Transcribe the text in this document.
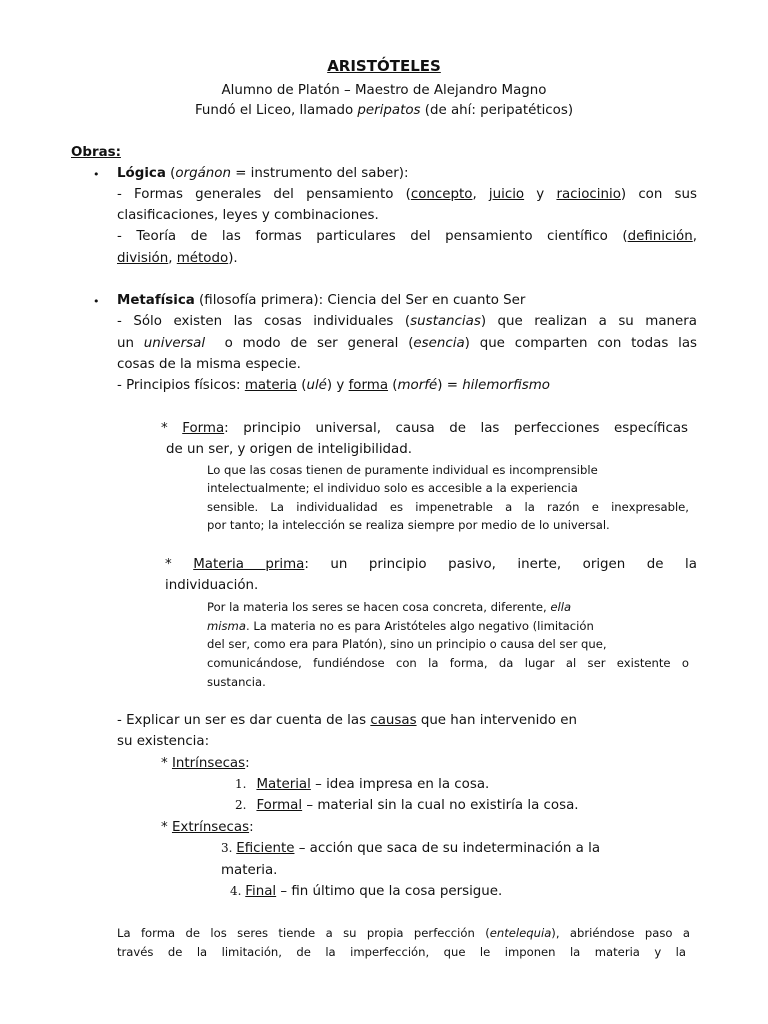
ARISTÓTELES
Alumno de Platón – Maestro de Alejandro Magno
Fundó el Liceo, llamado peripatos (de ahí: peripatéticos)
Obras:
• Lógica (orgánon = instrumento del saber):
- Formas generales del pensamiento (concepto, juicio y raciocinio) con sus
clasificaciones, leyes y combinaciones.
- Teoría de las formas particulares del pensamiento científico (definición,
división, método).
• Metafísica (filosofía primera): Ciencia del Ser en cuanto Ser
- Sólo existen las cosas individuales (sustancias) que realizan a su manera
un universal  o modo de ser general (esencia) que comparten con todas las
cosas de la misma especie.
- Principios físicos: materia (ulé) y forma (morfé) = hilemorfismo
* Forma: principio universal, causa de las perfecciones específicas
de un ser, y origen de inteligibilidad.
Lo que las cosas tienen de puramente individual es incomprensible
intelectualmente; el individuo solo es accesible a la experiencia
sensible. La individualidad es impenetrable a la razón e inexpresable,
por tanto; la intelección se realiza siempre por medio de lo universal.
* Materia prima: un principio pasivo, inerte, origen de la
individuación.
Por la materia los seres se hacen cosa concreta, diferente, ella
misma. La materia no es para Aristóteles algo negativo (limitación
del ser, como era para Platón), sino un principio o causa del ser que,
comunicándose, fundiéndose con la forma, da lugar al ser existente o
sustancia.
- Explicar un ser es dar cuenta de las causas que han intervenido en
su existencia:
* Intrínsecas:
1. Material – idea impresa en la cosa.
2. Formal – material sin la cual no existiría la cosa.
* Extrínsecas:
3. Eficiente – acción que saca de su indeterminación a la
materia.
4. Final – fin último que la cosa persigue.
La forma de los seres tiende a su propia perfección (entelequia), abriéndose paso a
través de la limitación, de la imperfección, que le imponen la materia y la
